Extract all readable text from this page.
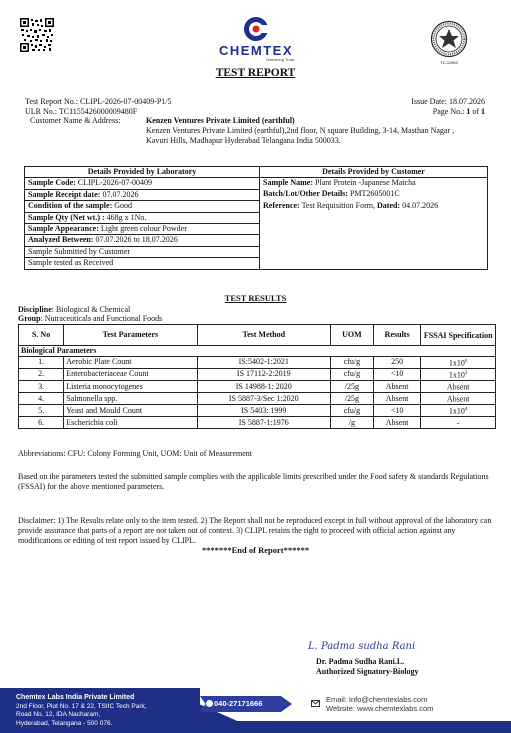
CHEMTEX
Delivering Trust
TC-11554
TEST REPORT
Test Report No.: CLIPL-2026-07-00409-P1/5
ULR No.: TC1155426000009480F
Issue Date: 18.07.2026
Page No.: 1 of 1
Customer Name & Address:	Kenzen Ventures Private Limited (earthful)
Kenzen Ventures Private Limited (earthful),2nd floor, N square Building, 3-14, Masthan Nagar , Kavuri Hills, Madhapur Hyderabad Telangana India 500033.
Details Provided by Laboratory	Details Provided by Customer
Sample Code: CLIPL-2026-07-00409	Sample Name: Plant Protein -Japanese Matcha
Sample Receipt date: 07.07.2026	Batch/Lot/Other Details: PMT2605001C
Condition of the sample: Good	Reference: Test Requisition Form, Dated: 04.07.2026
Sample Qty (Net wt.) : 468g x 1No.	
Sample Appearance: Light green colour Powder	
Analyzed Between: 07.07.2026 to 18.07.2026	
Sample Submitted by Customer	
Sample tested as Received	
TEST RESULTS
Discipline: Biological & Chemical
Group: Nutraceuticals and Functional Foods
S. No	Test Parameters	Test Method	UOM	Results	FSSAI Specification
Biological Parameters					
1.	Aerobic Plate Count	IS:5402-1:2021	cfu/g	250	$1x10^6$
2.	Enterobacteriaceae Count	IS 17112-2:2019	cfu/g	<10	$1x10^3$
3.	Listeria monocytogenes	IS 14988-1: 2020	/25g	Absent	Absent
4.	Salmonella spp.	IS 5887-3/Sec 1:2020	/25g	Absent	Absent
5.	Yeast and Mould Count	IS 5403: 1999	cfu/g	<10	$1x10^4$
6.	Escherichia coli	IS 5887-1:1976	/g	Absent	-
Abbreviations: CFU: Colony Forming Unit, UOM: Unit of Measurement
Based on the parameters tested the submitted sample complies with the applicable limits prescribed under the Food safety & standards Regulations (FSSAI) for the above mentioned parameters.
Disclaimer: 1) The Results relate only to the item tested. 2) The Report shall not be reproduced except in full without approval of the laboratory can provide assurance that parts of a report are not taken out of context. 3) CLIPL retains the right to proceed with official action against any modifications or editing of test report issued by CLIPL.
*******End of Report******
L. Padma sudha Rani
Dr. Padma Sudha Rani.L.
Authorized Signatory-Biology
Chemtex Labs India Private Limited
2nd Floor, Plot No. 17 & 22, TSIIC Tech Park,
Road No. 12, IDA Nacharam,
Hyderabad, Telangana - 500 076.
040-27171666	Email: Info@chemtexlabs.com
Website: www.chemtexlabs.com
